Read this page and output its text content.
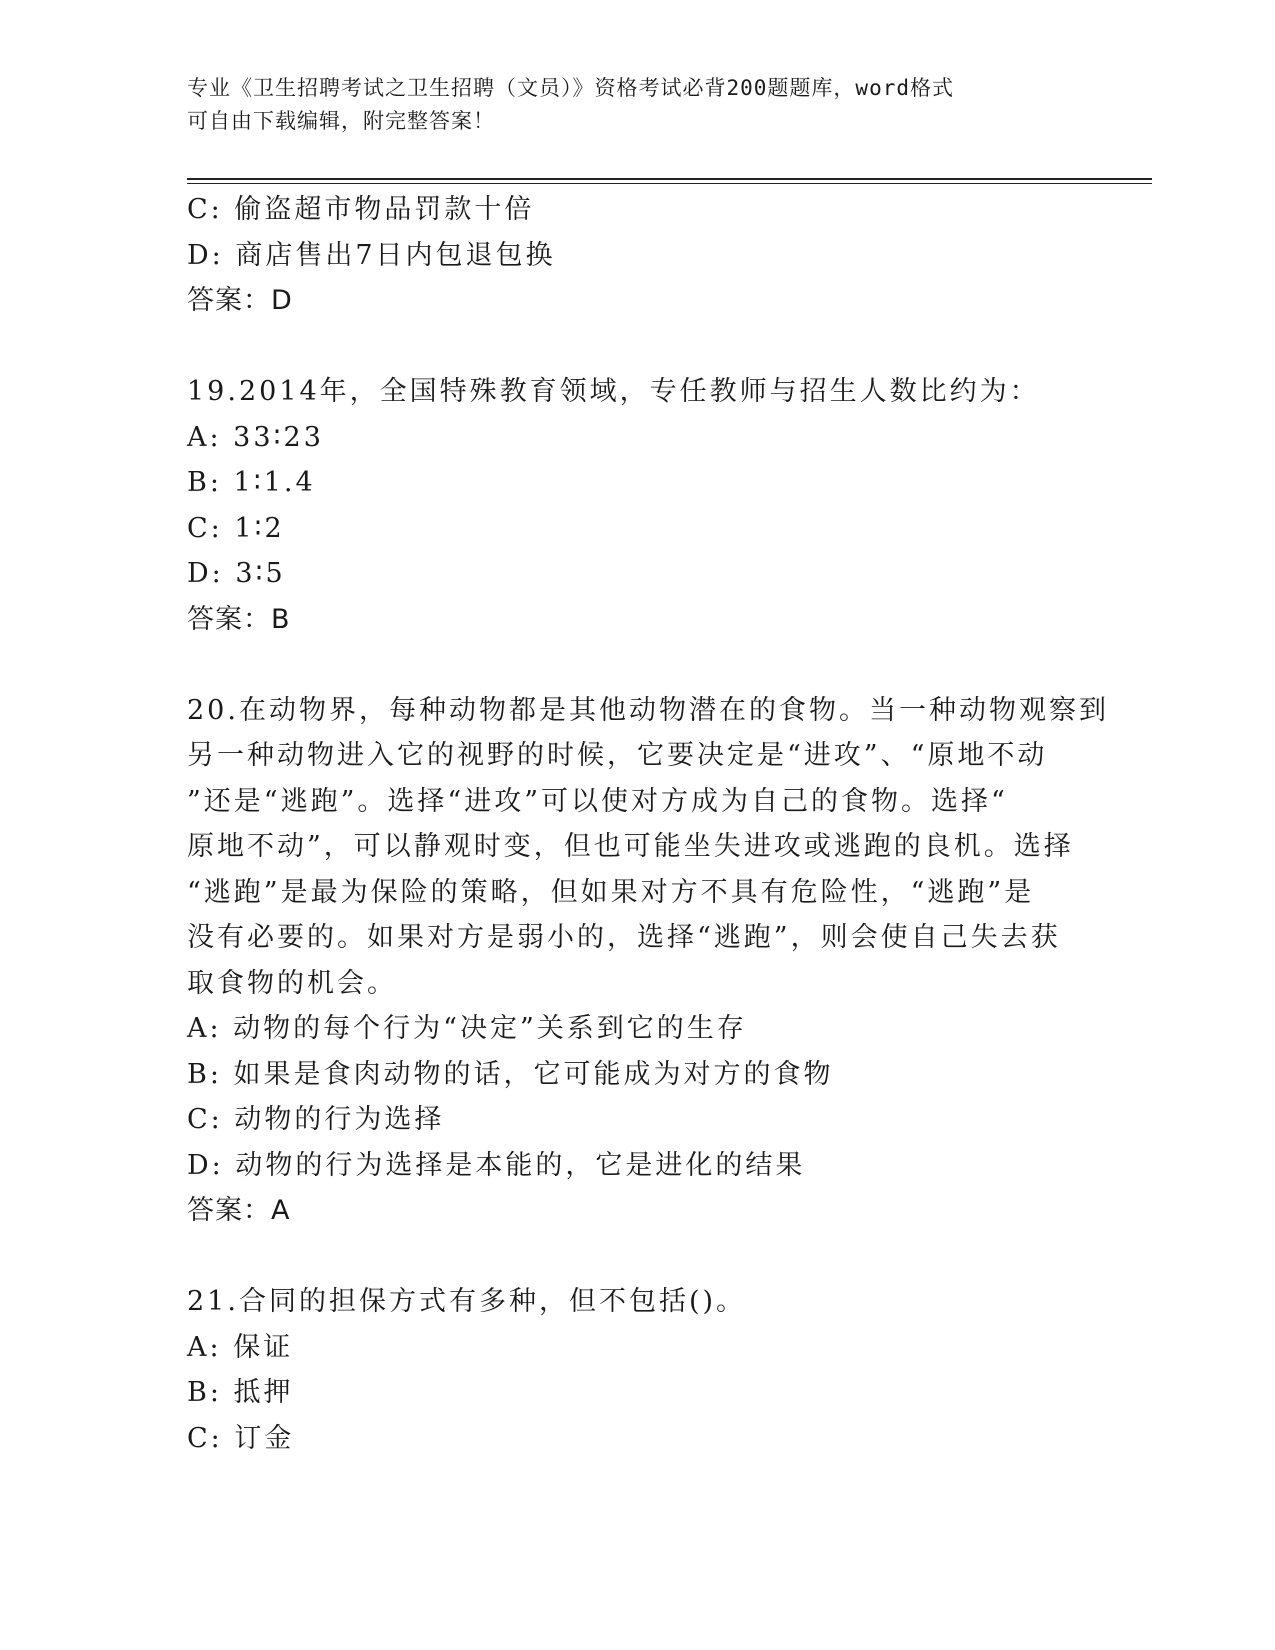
专业《卫生招聘考试之卫生招聘（文员）》资格考试必背200题题库，word格式
可自由下载编辑，附完整答案！
C: 偷盗超市物品罚款十倍
D: 商店售出7日内包退包换
答案：D
19.2014年，全国特殊教育领域，专任教师与招生人数比约为：
A: 33∶23
B: 1∶1.4
C: 1∶2
D: 3∶5
答案：B
20.在动物界，每种动物都是其他动物潜在的食物。当一种动物观察到
另一种动物进入它的视野的时候，它要决定是“进攻”、“原地不动
”还是“逃跑”。选择“进攻”可以使对方成为自己的食物。选择“
原地不动”，可以静观时变，但也可能坐失进攻或逃跑的良机。选择
“逃跑”是最为保险的策略，但如果对方不具有危险性，“逃跑”是
没有必要的。如果对方是弱小的，选择“逃跑”，则会使自己失去获
取食物的机会。
A: 动物的每个行为“决定”关系到它的生存
B: 如果是食肉动物的话，它可能成为对方的食物
C: 动物的行为选择
D: 动物的行为选择是本能的，它是进化的结果
答案：A
21.合同的担保方式有多种，但不包括()。
A: 保证
B: 抵押
C: 订金
